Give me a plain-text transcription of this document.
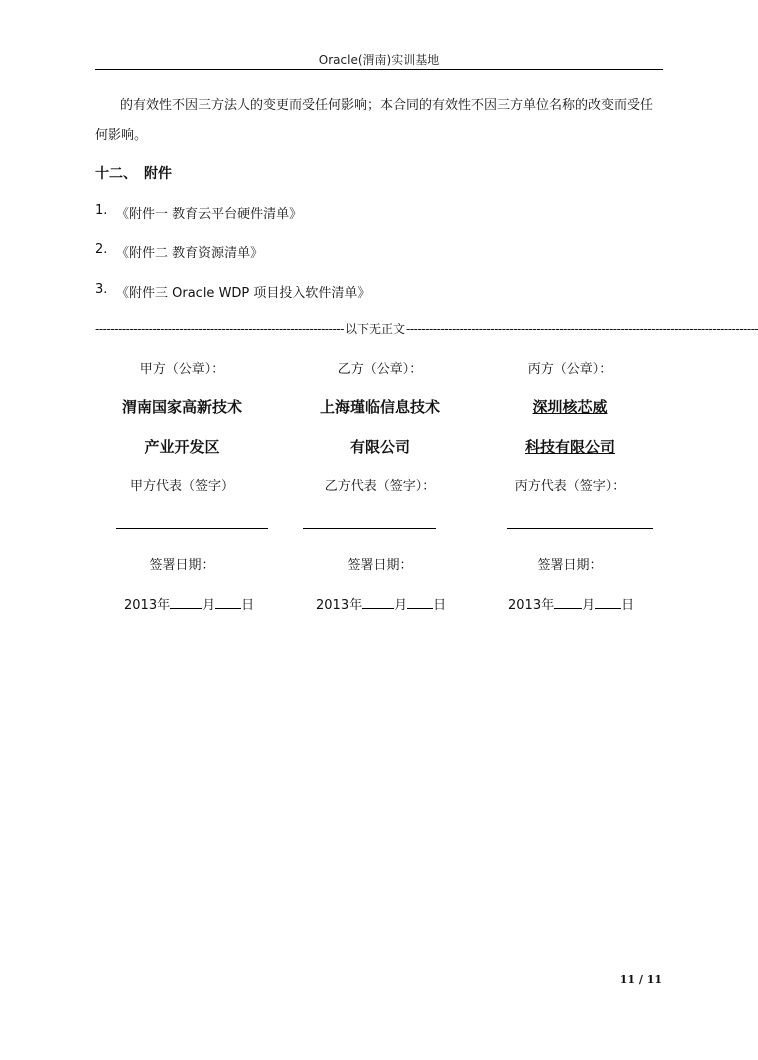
Oracle(渭南)实训基地
的有效性不因三方法人的变更而受任何影响；本合同的有效性不因三方单位名称的改变而受任
何影响。
十二、 附件
1. 《附件一 教育云平台硬件清单》
2. 《附件二 教育资源清单》
3. 《附件三 Oracle WDP 项目投入软件清单》
----------------------------------------------------------------- 以下无正文 --------------------------------------------------------------------------------------------
甲方（公章）：
渭南国家高新技术
产业开发区
甲方代表（签字）
签署日期：
2013年 月 日
乙方（公章）：
上海瑾临信息技术
有限公司
乙方代表（签字）：
签署日期：
2013年 月 日
丙方（公章）：
深圳核芯威
科技有限公司
丙方代表（签字）：
签署日期：
2013年 月 日
11 / 11
